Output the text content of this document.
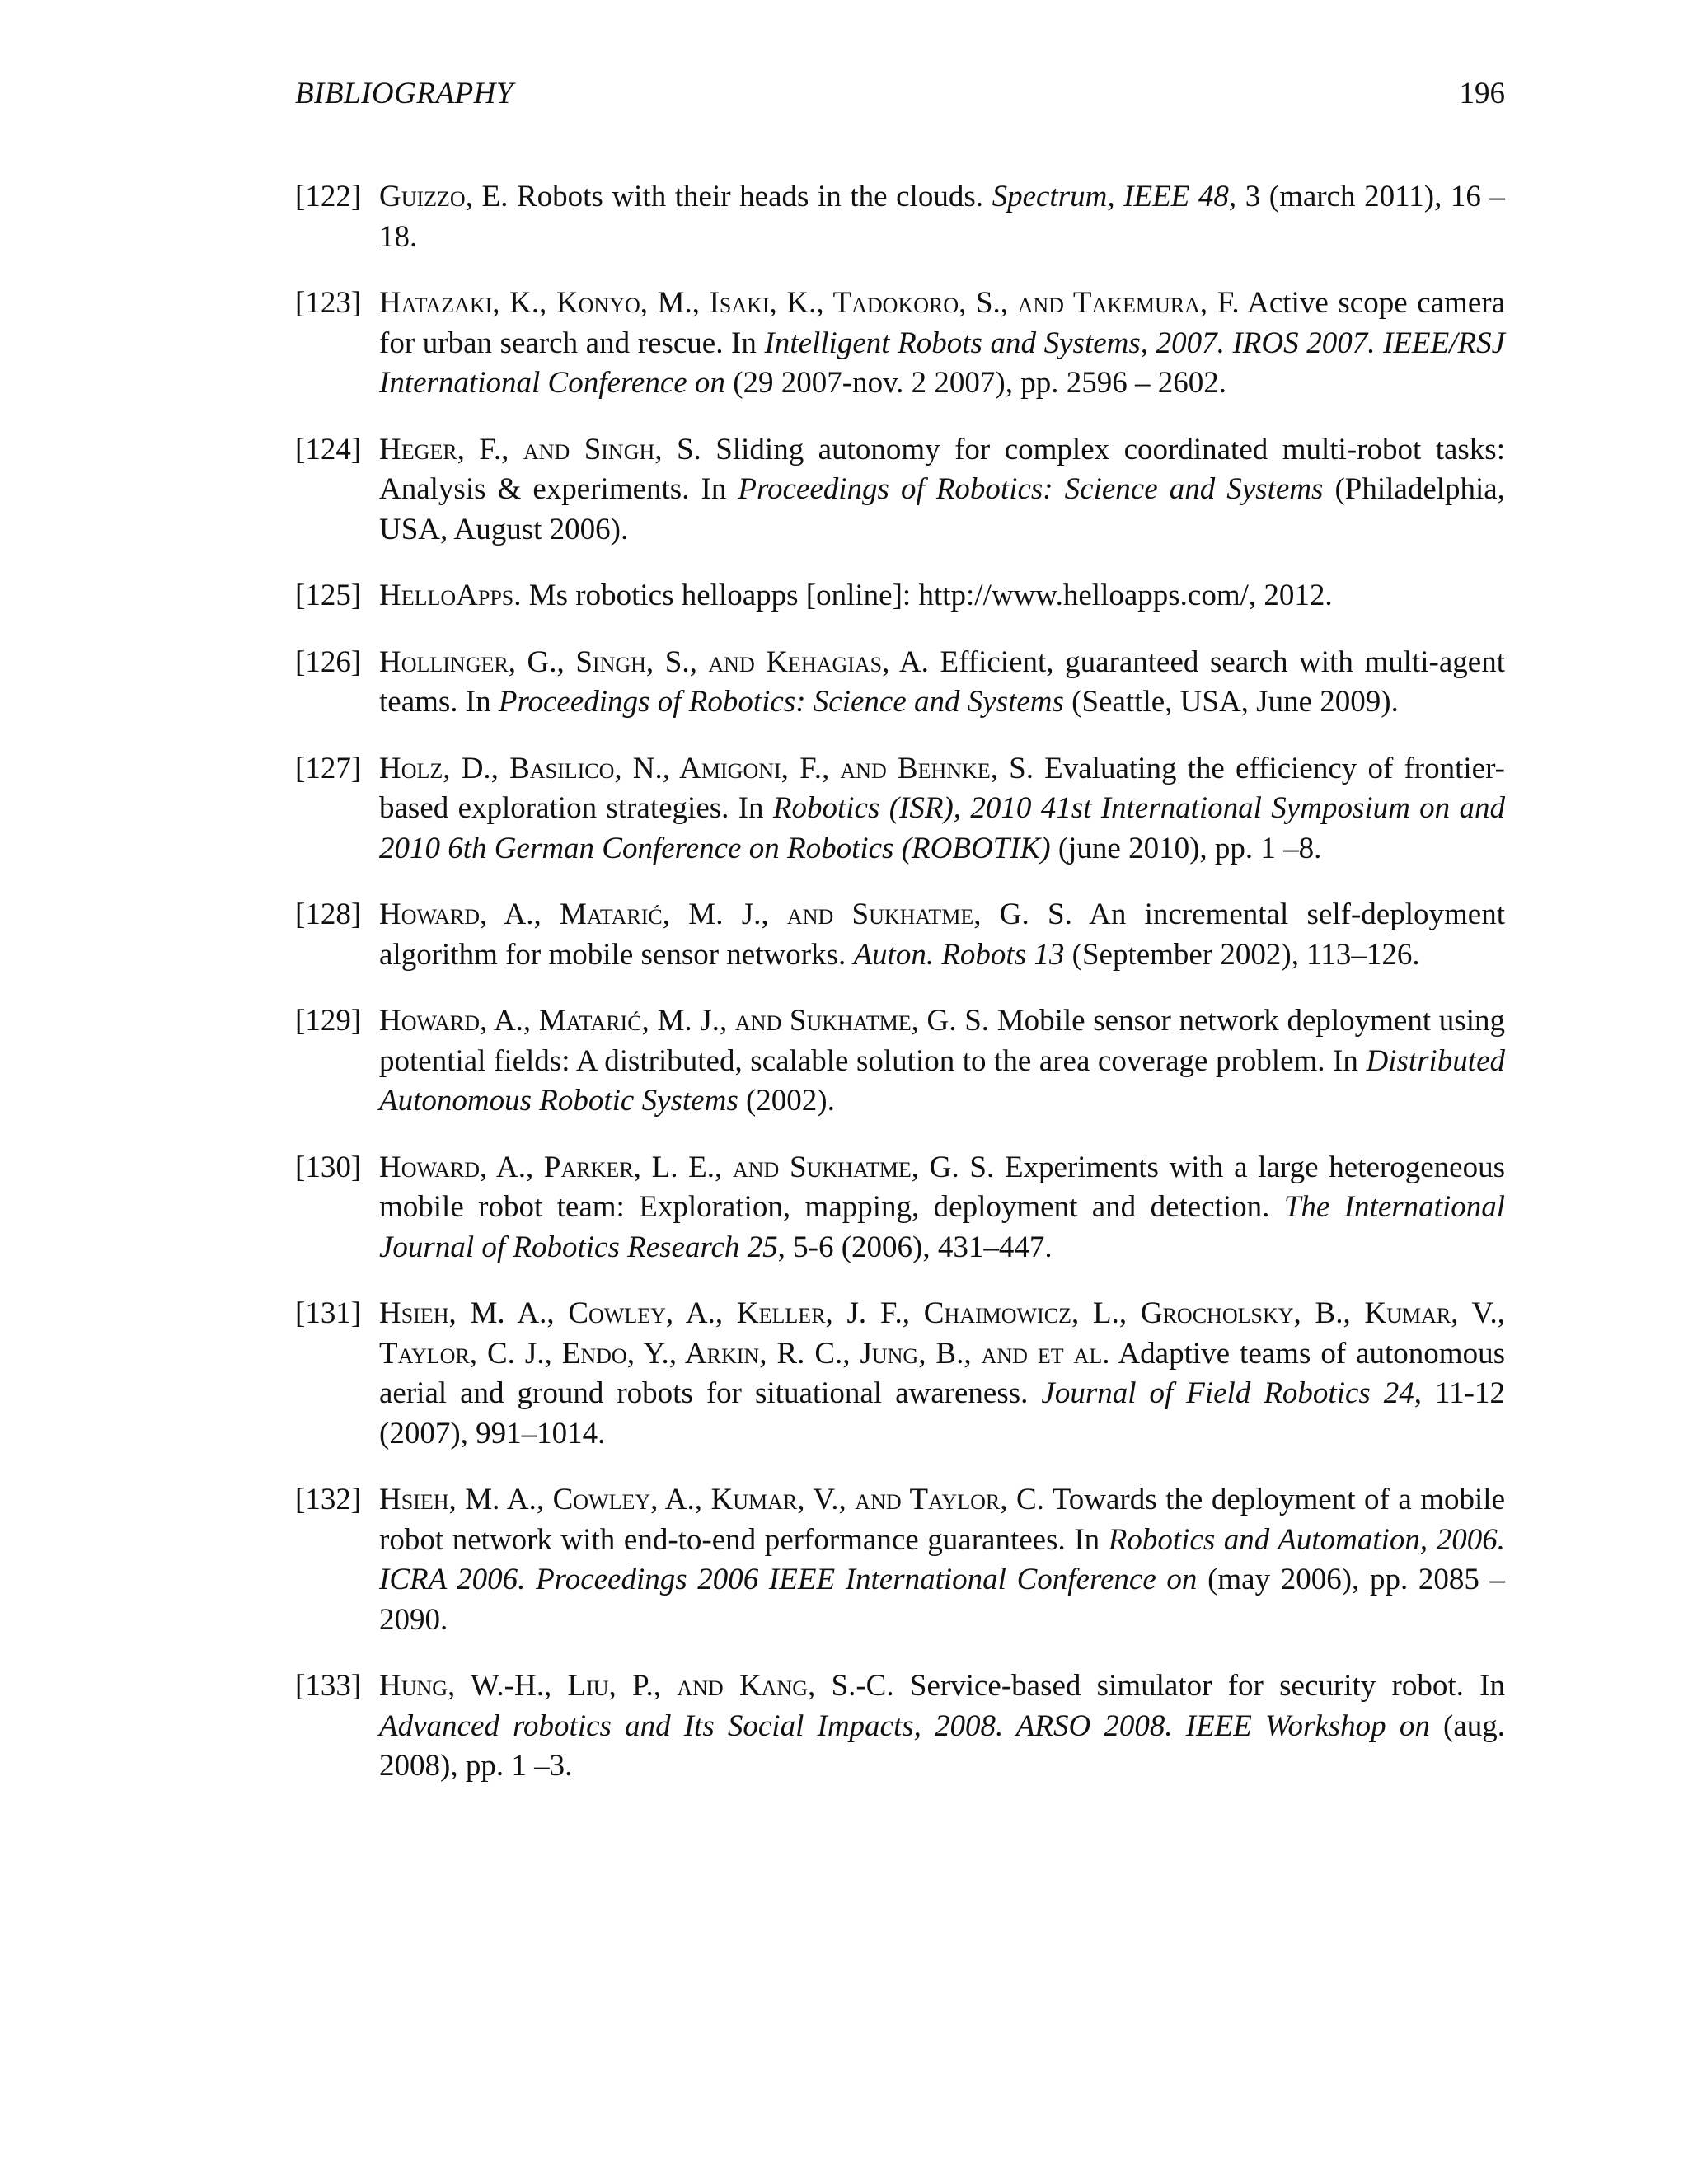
BIBLIOGRAPHY	196
[122] Guizzo, E. Robots with their heads in the clouds. Spectrum, IEEE 48, 3 (march 2011), 16 –18.
[123] Hatazaki, K., Konyo, M., Isaki, K., Tadokoro, S., and Takemura, F. Active scope camera for urban search and rescue. In Intelligent Robots and Systems, 2007. IROS 2007. IEEE/RSJ International Conference on (29 2007-nov. 2 2007), pp. 2596 – 2602.
[124] Heger, F., and Singh, S. Sliding autonomy for complex coordinated multi-robot tasks: Analysis & experiments. In Proceedings of Robotics: Science and Systems (Philadelphia, USA, August 2006).
[125] HelloApps. Ms robotics helloapps [online]: http://www.helloapps.com/, 2012.
[126] Hollinger, G., Singh, S., and Kehagias, A. Efficient, guaranteed search with multi-agent teams. In Proceedings of Robotics: Science and Systems (Seattle, USA, June 2009).
[127] Holz, D., Basilico, N., Amigoni, F., and Behnke, S. Evaluating the efficiency of frontier-based exploration strategies. In Robotics (ISR), 2010 41st International Symposium on and 2010 6th German Conference on Robotics (ROBOTIK) (june 2010), pp. 1 –8.
[128] Howard, A., Matarić, M. J., and Sukhatme, G. S. An incremental self-deployment algorithm for mobile sensor networks. Auton. Robots 13 (September 2002), 113–126.
[129] Howard, A., Matarić, M. J., and Sukhatme, G. S. Mobile sensor network deployment using potential fields: A distributed, scalable solution to the area coverage problem. In Distributed Autonomous Robotic Systems (2002).
[130] Howard, A., Parker, L. E., and Sukhatme, G. S. Experiments with a large heterogeneous mobile robot team: Exploration, mapping, deployment and detection. The International Journal of Robotics Research 25, 5-6 (2006), 431–447.
[131] Hsieh, M. A., Cowley, A., Keller, J. F., Chaimowicz, L., Grocholsky, B., Kumar, V., Taylor, C. J., Endo, Y., Arkin, R. C., Jung, B., and et al. Adaptive teams of autonomous aerial and ground robots for situational awareness. Journal of Field Robotics 24, 11-12 (2007), 991–1014.
[132] Hsieh, M. A., Cowley, A., Kumar, V., and Taylor, C. Towards the deployment of a mobile robot network with end-to-end performance guarantees. In Robotics and Automation, 2006. ICRA 2006. Proceedings 2006 IEEE International Conference on (may 2006), pp. 2085 –2090.
[133] Hung, W.-H., Liu, P., and Kang, S.-C. Service-based simulator for security robot. In Advanced robotics and Its Social Impacts, 2008. ARSO 2008. IEEE Workshop on (aug. 2008), pp. 1 –3.
